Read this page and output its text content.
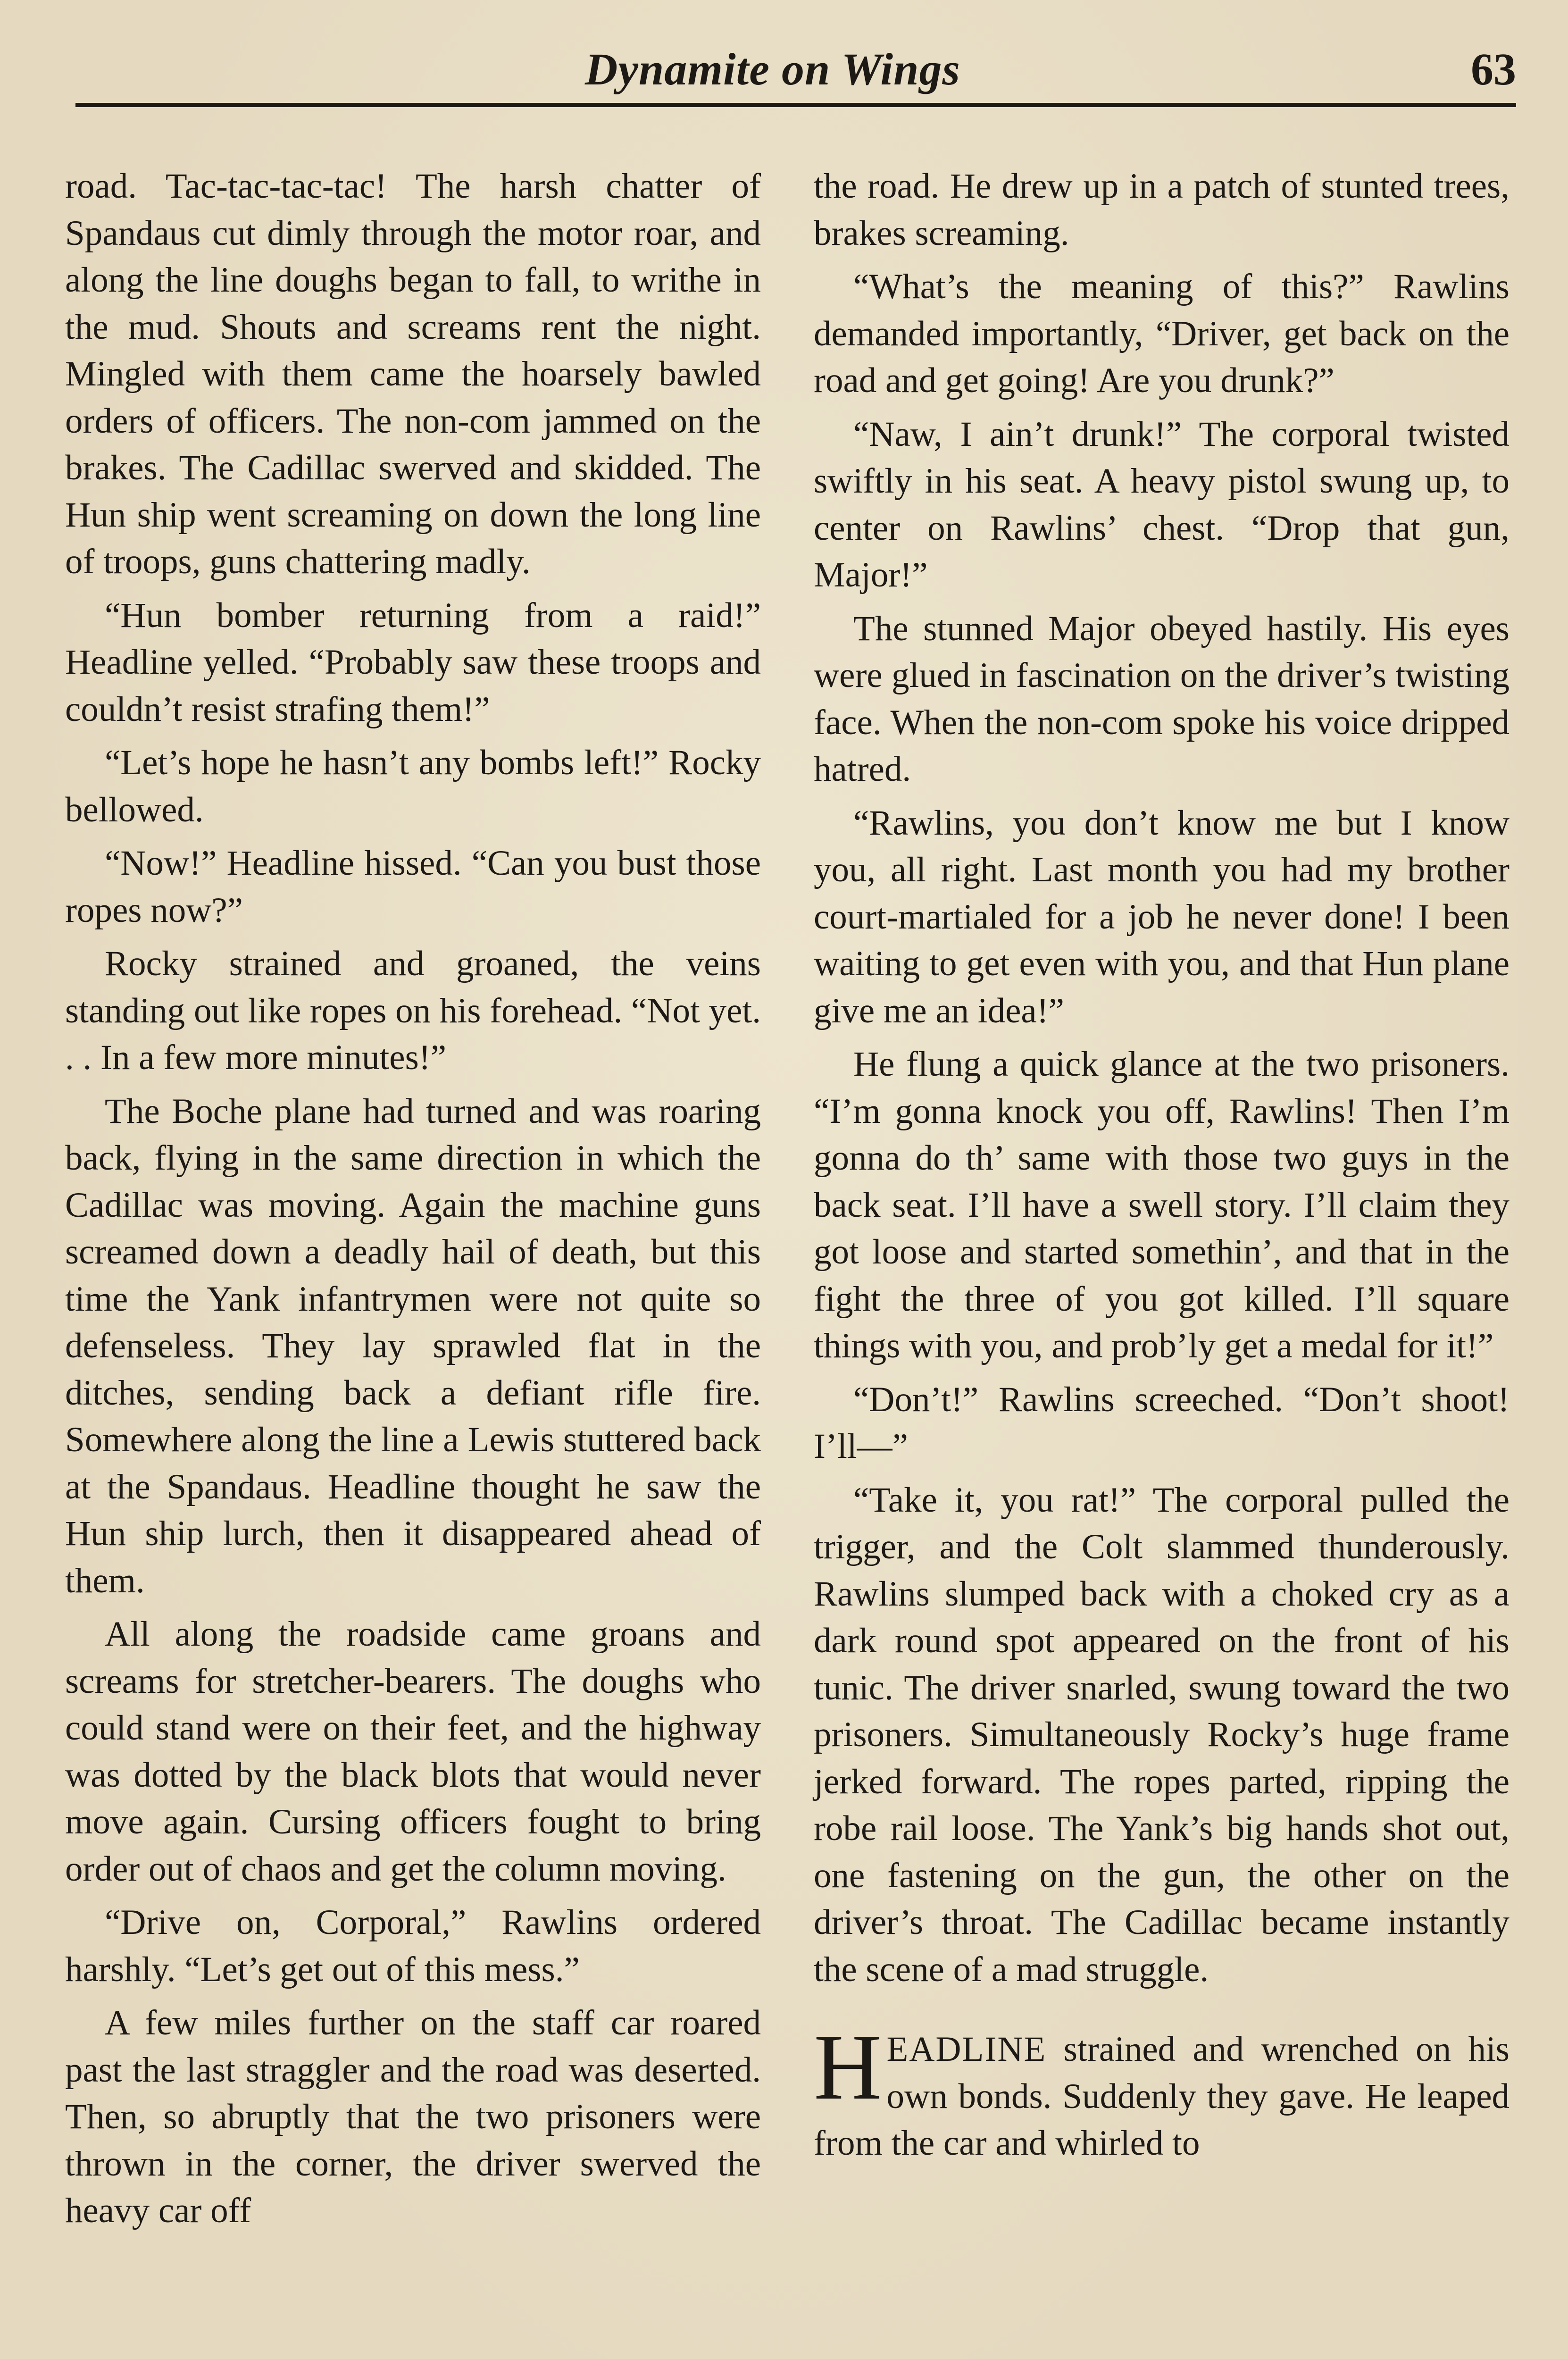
Dynamite on Wings	63

road. Tac-tac-tac-tac! The harsh chatter of Spandaus cut dimly through the motor roar, and along the line doughs began to fall, to writhe in the mud. Shouts and screams rent the night. Mingled with them came the hoarsely bawled orders of officers. The non-com jammed on the brakes. The Cadillac swerved and skidded. The Hun ship went screaming on down the long line of troops, guns chattering madly.

“Hun bomber returning from a raid!” Headline yelled. “Probably saw these troops and couldn’t resist strafing them!”

“Let’s hope he hasn’t any bombs left!” Rocky bellowed.

“Now!” Headline hissed. “Can you bust those ropes now?”

Rocky strained and groaned, the veins standing out like ropes on his forehead. “Not yet. . . In a few more minutes!”

The Boche plane had turned and was roaring back, flying in the same direction in which the Cadillac was moving. Again the machine guns screamed down a deadly hail of death, but this time the Yank infantrymen were not quite so defenseless. They lay sprawled flat in the ditches, sending back a defiant rifle fire. Somewhere along the line a Lewis stuttered back at the Spandaus. Headline thought he saw the Hun ship lurch, then it disappeared ahead of them.

All along the roadside came groans and screams for stretcher-bearers. The doughs who could stand were on their feet, and the highway was dotted by the black blots that would never move again. Cursing officers fought to bring order out of chaos and get the column moving.

“Drive on, Corporal,” Rawlins ordered harshly. “Let’s get out of this mess.”

A few miles further on the staff car roared past the last straggler and the road was deserted. Then, so abruptly that the two prisoners were thrown in the corner, the driver swerved the heavy car off

the road. He drew up in a patch of stunted trees, brakes screaming.

“What’s the meaning of this?” Rawlins demanded importantly, “Driver, get back on the road and get going! Are you drunk?”

“Naw, I ain’t drunk!” The corporal twisted swiftly in his seat. A heavy pistol swung up, to center on Rawlins’ chest. “Drop that gun, Major!”

The stunned Major obeyed hastily. His eyes were glued in fascination on the driver’s twisting face. When the non-com spoke his voice dripped hatred.

“Rawlins, you don’t know me but I know you, all right. Last month you had my brother court-martialed for a job he never done! I been waiting to get even with you, and that Hun plane give me an idea!”

He flung a quick glance at the two prisoners. “I’m gonna knock you off, Rawlins! Then I’m gonna do th’ same with those two guys in the back seat. I’ll have a swell story. I’ll claim they got loose and started somethin’, and that in the fight the three of you got killed. I’ll square things with you, and prob’ly get a medal for it!”

“Don’t!” Rawlins screeched. “Don’t shoot! I’ll—”

“Take it, you rat!” The corporal pulled the trigger, and the Colt slammed thunderously. Rawlins slumped back with a choked cry as a dark round spot appeared on the front of his tunic. The driver snarled, swung toward the two prisoners. Simultaneously Rocky’s huge frame jerked forward. The ropes parted, ripping the robe rail loose. The Yank’s big hands shot out, one fastening on the gun, the other on the driver’s throat. The Cadillac became instantly the scene of a mad struggle.

HEADLINE strained and wrenched on his own bonds. Suddenly they gave. He leaped from the car and whirled to
